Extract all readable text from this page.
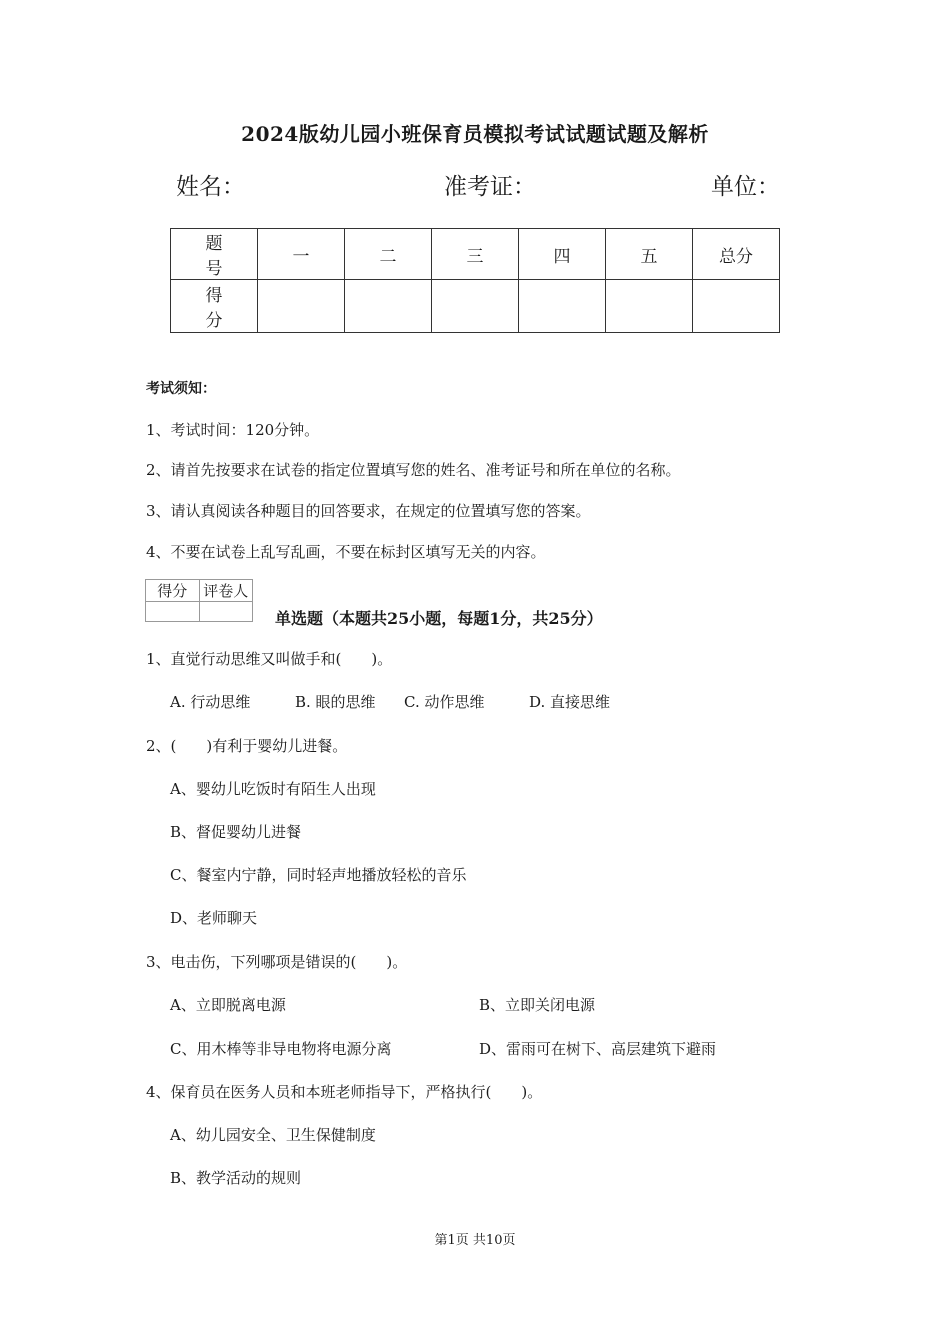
2024版幼儿园小班保育员模拟考试试题试题及解析
姓名：	准考证：	单位：
题　号	一	二	三	四	五	总分
得　分						
考试须知：
1、考试时间：120分钟。
2、请首先按要求在试卷的指定位置填写您的姓名、准考证号和所在单位的名称。
3、请认真阅读各种题目的回答要求，在规定的位置填写您的答案。
4、不要在试卷上乱写乱画，不要在标封区填写无关的内容。
得分	评卷人

单选题（本题共25小题，每题1分，共25分）
1、直觉行动思维又叫做手和(　　)。
A. 行动思维	B. 眼的思维 C. 动作思维	D. 直接思维
2、(　　)有利于婴幼儿进餐。
A、婴幼儿吃饭时有陌生人出现
B、督促婴幼儿进餐
C、餐室内宁静，同时轻声地播放轻松的音乐
D、老师聊天
3、电击伤，下列哪项是错误的(　　)。
A、立即脱离电源	B、立即关闭电源
C、用木棒等非导电物将电源分离	D、雷雨可在树下、高层建筑下避雨
4、保育员在医务人员和本班老师指导下，严格执行(　　)。
A、幼儿园安全、卫生保健制度
B、教学活动的规则
第1页 共10页
